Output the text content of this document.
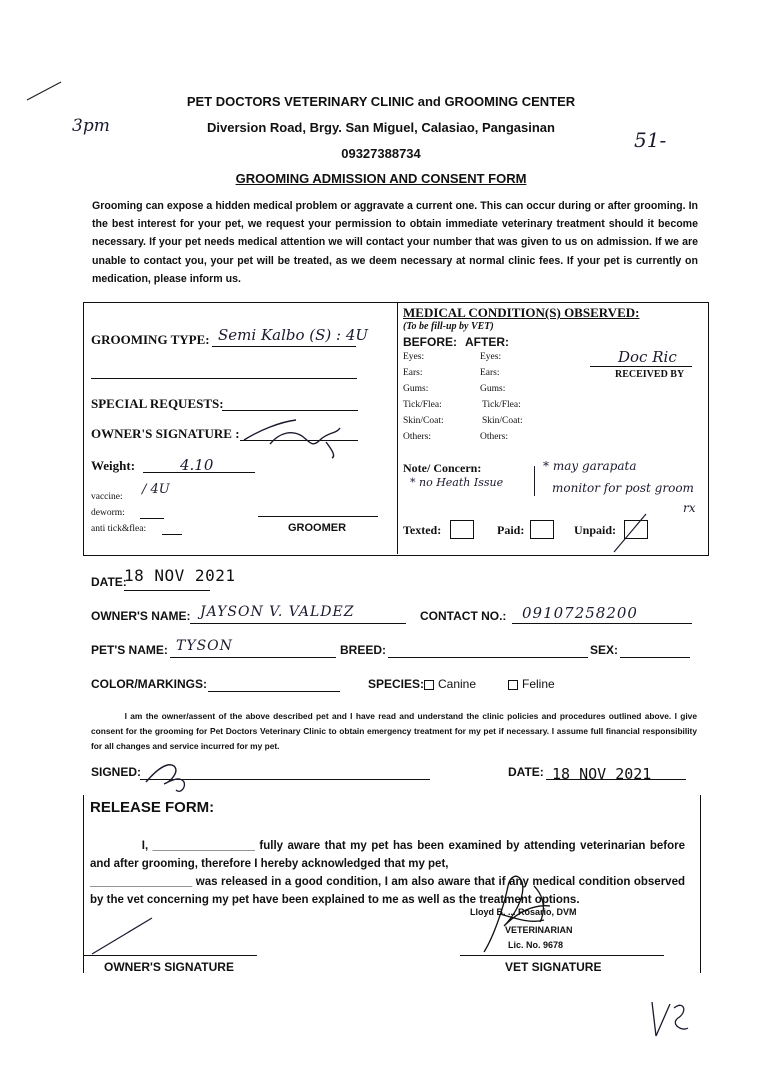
3pm
51-
PET DOCTORS VETERINARY CLINIC and GROOMING CENTER
Diversion Road, Brgy. San Miguel, Calasiao, Pangasinan
09327388734
GROOMING ADMISSION AND CONSENT FORM
Grooming can expose a hidden medical problem or aggravate a current one. This can occur during or after grooming. In the best interest for your pet, we request your permission to obtain immediate veterinary treatment should it become necessary. If your pet needs medical attention we will contact your number that was given to us on admission. If we are unable to contact you, your pet will be treated, as we deem necessary at normal clinic fees. If your pet is currently on medication, please inform us.
GROOMING TYPE: Semi Kalbo (S) : 4U
SPECIAL REQUESTS:
OWNER'S SIGNATURE :
Weight:	4.10
vaccine: / 4U
deworm:
anti tick&flea:	GROOMER
MEDICAL CONDITION(S) OBSERVED:
(To be fill-up by VET)
BEFORE: AFTER:
Eyes:	Eyes:
Ears:	Ears:
Gums:	Gums:
Tick/Flea:	Tick/Flea:
Skin/Coat:	Skin/Coat:
Others:	Others:
Doc Ric
RECEIVED BY
Note/ Concern:
* no Heath Issue
* may garapata
monitor for post groom
rx
Texted:	Paid:	Unpaid:
DATE:
18 NOV 2021
OWNER'S NAME: JAYSON V. VALDEZ	CONTACT NO.: 09107258200
PET'S NAME: TYSON	BREED:	SEX:
COLOR/MARKINGS:	SPECIES:	Canine	Feline
I am the owner/assent of the above described pet and I have read and understand the clinic policies and procedures outlined above. I give consent for the grooming for Pet Doctors Veterinary Clinic to obtain emergency treatment for my pet if necessary. I assume full financial responsibility for all changes and service incurred for my pet.
SIGNED:	DATE: 18 NOV 2021
RELEASE FORM:
I, ________________ fully aware that my pet has been examined by attending veterinarian before and after grooming, therefore I hereby acknowledged that my pet,
________________ was released in a good condition, I am also aware that if any medical condition observed by the vet concerning my pet have been explained to me as well as the treatment options.
Lloyd B. ... Rosario, DVM
VETERINARIAN
Lic. No. 9678
OWNER'S SIGNATURE	VET SIGNATURE
